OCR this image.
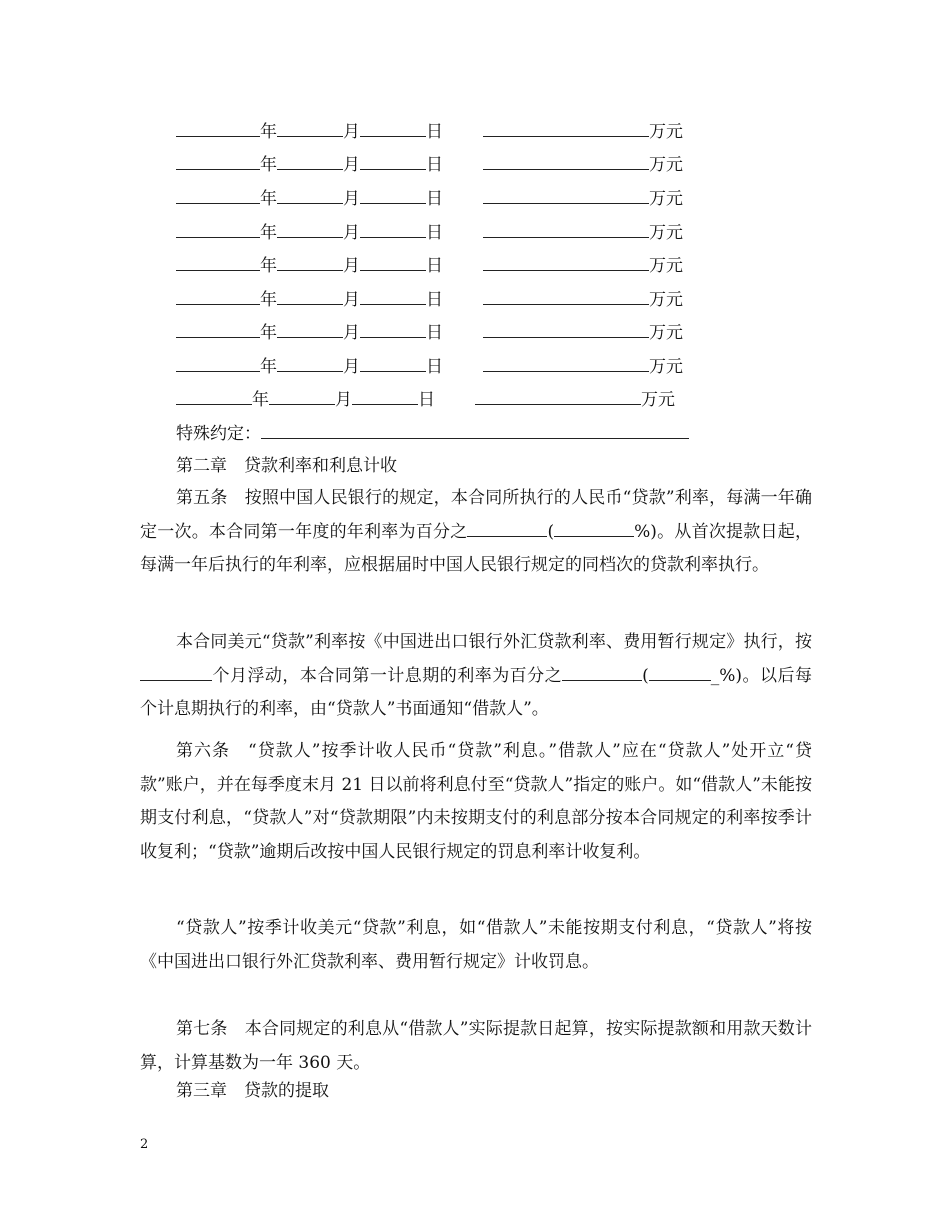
年	月	日	万元
年	月	日	万元
年	月	日	万元
年	月	日	万元
年	月	日	万元
年	月	日	万元
年	月	日	万元
年	月	日	万元
年	月	日	万元
特殊约定：
第二章　贷款利率和利息计收
第五条　按照中国人民银行的规定，本合同所执行的人民币“贷款”利率，每满一年确定一次。本合同第一年度的年利率为百分之	(	%)。从首次提款日起，每满一年后执行的年利率，应根据届时中国人民银行规定的同档次的贷款利率执行。
本合同美元“贷款”利率按《中国进出口银行外汇贷款利率、费用暂行规定》执行，按个月浮动，本合同第一计息期的利率为百分之	(	_%)。以后每个计息期执行的利率，由“贷款人”书面通知“借款人”。
第六条　“贷款人”按季计收人民币“贷款”利息。”借款人”应在“贷款人”处开立“贷款”账户，并在每季度末月 21 日以前将利息付至“贷款人”指定的账户。如“借款人”未能按期支付利息，“贷款人”对“贷款期限”内未按期支付的利息部分按本合同规定的利率按季计收复利；“贷款”逾期后改按中国人民银行规定的罚息利率计收复利。
“贷款人”按季计收美元“贷款”利息，如“借款人”未能按期支付利息，“贷款人”将按《中国进出口银行外汇贷款利率、费用暂行规定》计收罚息。
第七条　本合同规定的利息从“借款人”实际提款日起算，按实际提款额和用款天数计算，计算基数为一年 360 天。
第三章　贷款的提取
2
